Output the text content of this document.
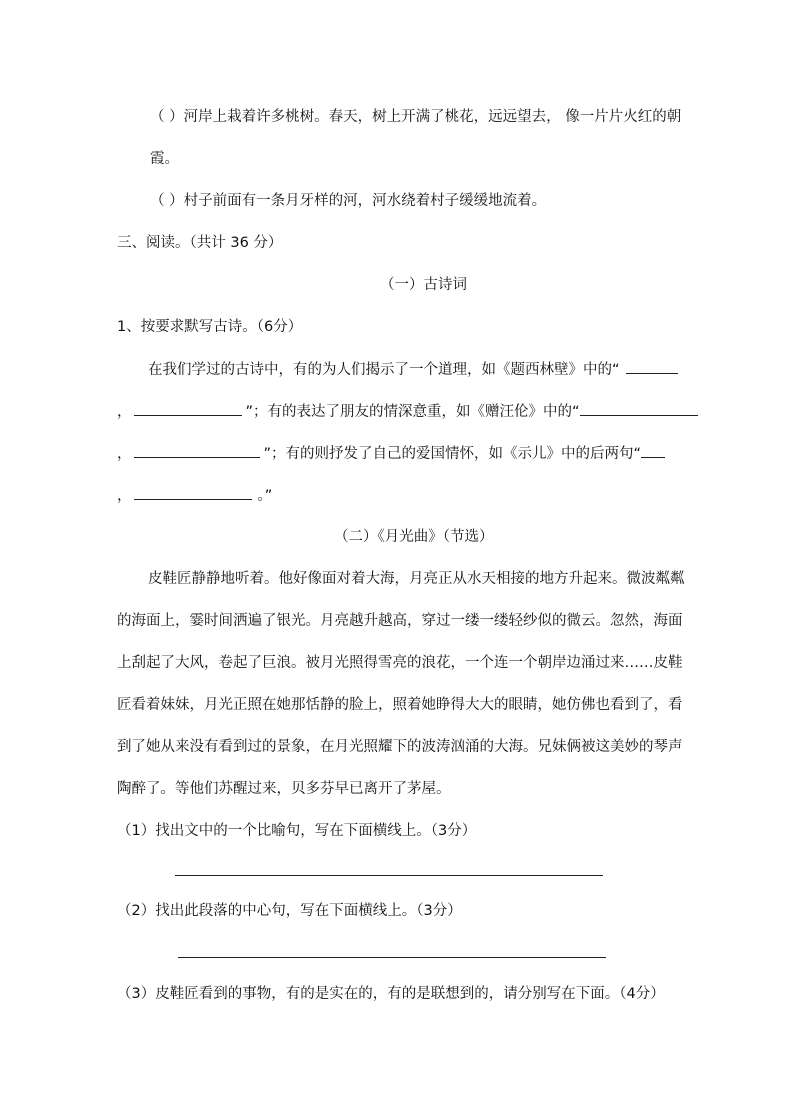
（ ）河岸上栽着许多桃树。春天，树上开满了桃花，远远望去， 像一片片火红的朝
霞。
（ ）村子前面有一条月牙样的河，河水绕着村子缓缓地流着。
三、阅读。（共计 36 分）
（一）古诗词
1、按要求默写古诗。（6分）
在我们学过的古诗中，有的为人们揭示了一个道理，如《题西林壁》中的“
，	”；有的表达了朋友的情深意重，如《赠汪伦》中的“
，	”；有的则抒发了自己的爱国情怀，如《示儿》中的后两句“
，	。”
（二）《月光曲》（节选）
皮鞋匠静静地听着。他好像面对着大海，月亮正从水天相接的地方升起来。微波粼粼
的海面上，霎时间洒遍了银光。月亮越升越高，穿过一缕一缕轻纱似的微云。忽然，海面
上刮起了大风，卷起了巨浪。被月光照得雪亮的浪花，一个连一个朝岸边涌过来……皮鞋
匠看着妹妹，月光正照在她那恬静的脸上，照着她睁得大大的眼睛，她仿佛也看到了，看
到了她从来没有看到过的景象，在月光照耀下的波涛汹涌的大海。兄妹俩被这美妙的琴声
陶醉了。等他们苏醒过来，贝多芬早已离开了茅屋。
（1）找出文中的一个比喻句，写在下面横线上。（3分）
（2）找出此段落的中心句，写在下面横线上。（3分）
（3）皮鞋匠看到的事物，有的是实在的，有的是联想到的，请分别写在下面。（4分）
